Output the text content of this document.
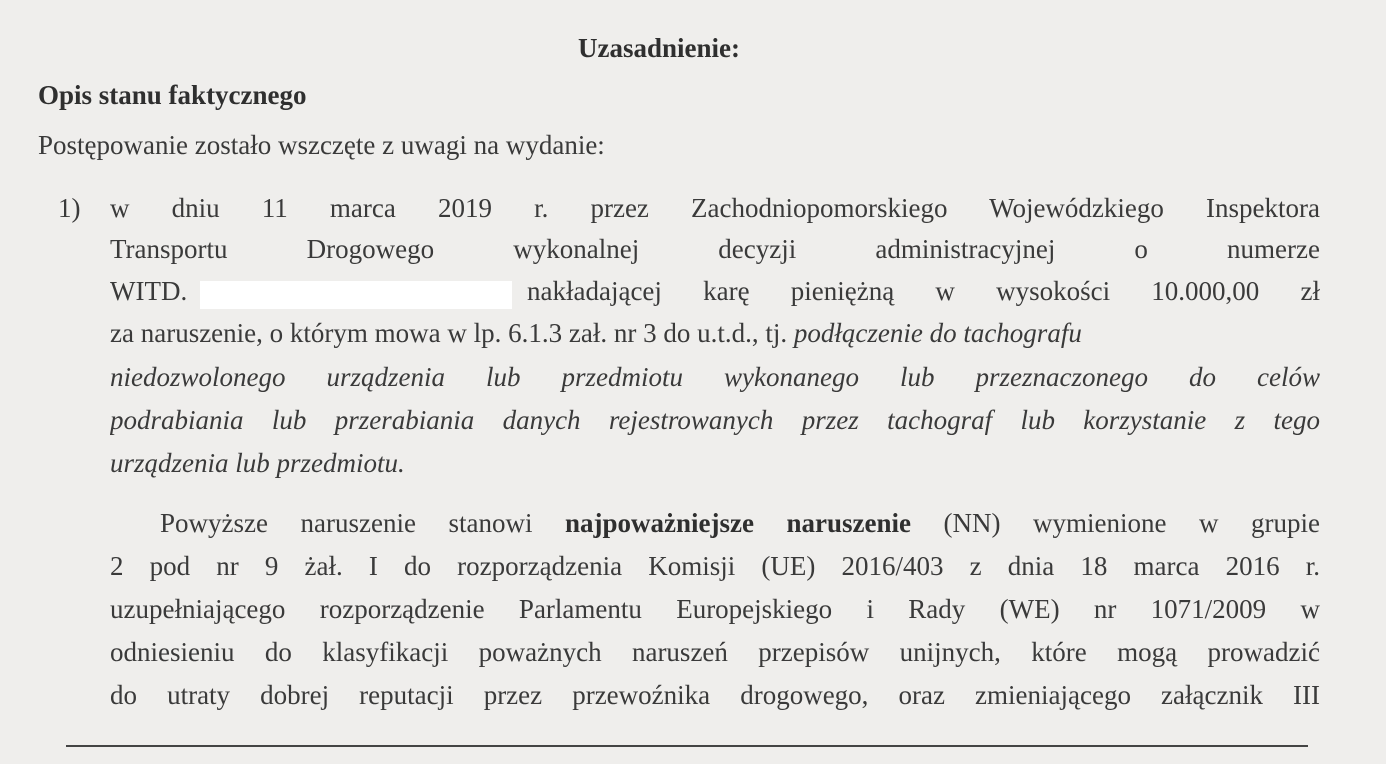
Uzasadnienie:
Opis stanu faktycznego
Postępowanie zostało wszczęte z uwagi na wydanie:
1) w dniu 11 marca 2019 r. przez Zachodniopomorskiego Wojewódzkiego Inspektora
Transportu Drogowego wykonalnej decyzji administracyjnej o numerze
WITD.	nakładającej karę pieniężną w wysokości 10.000,00 zł
za naruszenie, o którym mowa w lp. 6.1.3 zał. nr 3 do u.t.d., tj. podłączenie do tachografu
niedozwolonego urządzenia lub przedmiotu wykonanego lub przeznaczonego do celów
podrabiania lub przerabiania danych rejestrowanych przez tachograf lub korzystanie z tego
urządzenia lub przedmiotu.
Powyższe naruszenie stanowi najpoważniejsze naruszenie (NN) wymienione w grupie
2 pod nr 9 żał. I do rozporządzenia Komisji (UE) 2016/403 z dnia 18 marca 2016 r.
uzupełniającego rozporządzenie Parlamentu Europejskiego i Rady (WE) nr 1071/2009 w
odniesieniu do klasyfikacji poważnych naruszeń przepisów unijnych, które mogą prowadzić
do utraty dobrej reputacji przez przewoźnika drogowego, oraz zmieniającego załącznik III
